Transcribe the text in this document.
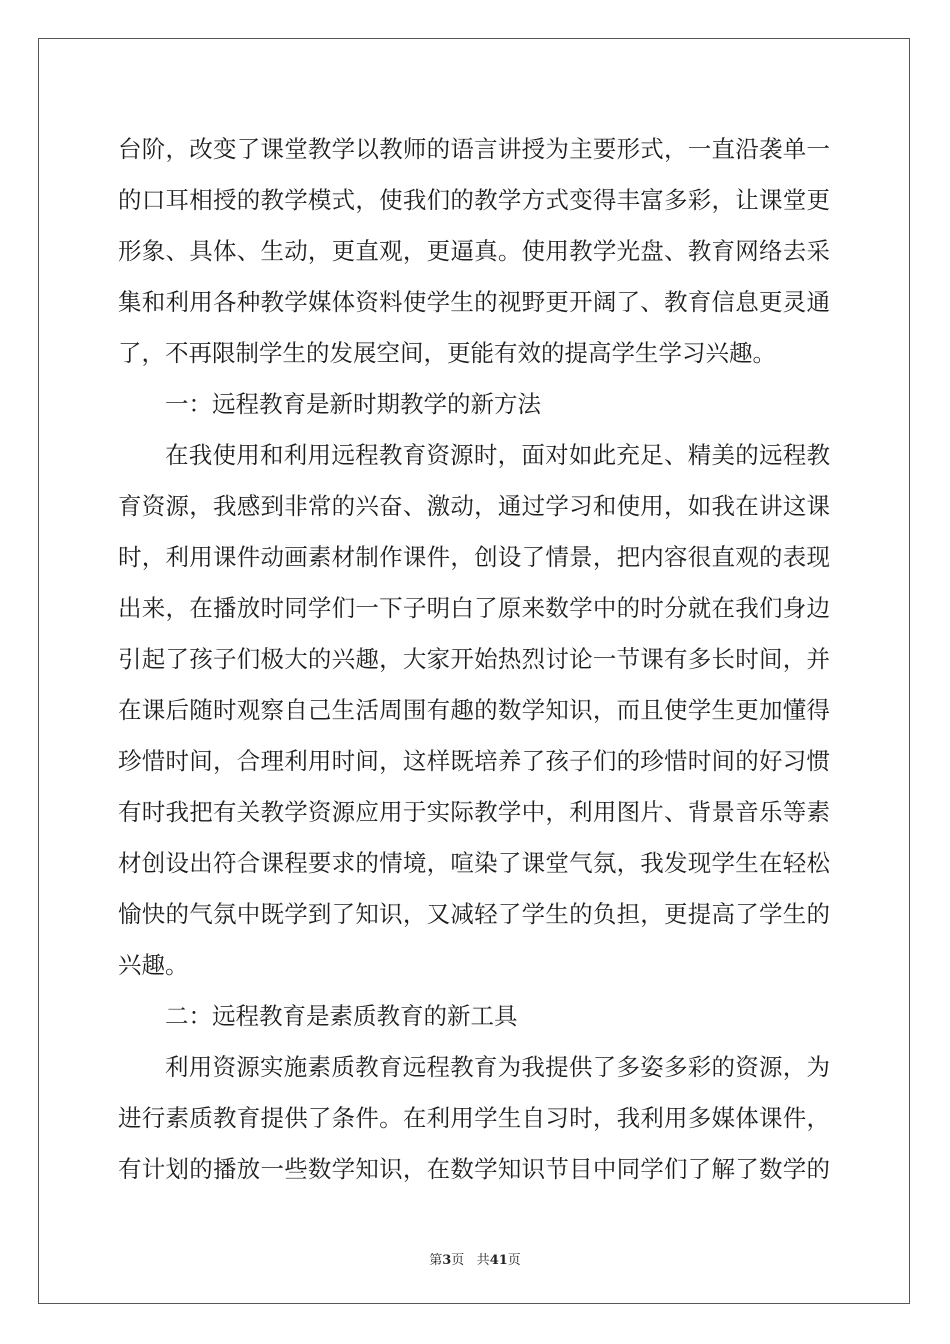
台阶，改变了课堂教学以教师的语言讲授为主要形式，一直沿袭单一
的口耳相授的教学模式，使我们的教学方式变得丰富多彩，让课堂更
形象、具体、生动，更直观，更逼真。使用教学光盘、教育网络去采
集和利用各种教学媒体资料使学生的视野更开阔了、教育信息更灵通
了，不再限制学生的发展空间，更能有效的提高学生学习兴趣。
一：远程教育是新时期教学的新方法
在我使用和利用远程教育资源时，面对如此充足、精美的远程教
育资源，我感到非常的兴奋、激动，通过学习和使用，如我在讲这课
时，利用课件动画素材制作课件，创设了情景，把内容很直观的表现
出来，在播放时同学们一下子明白了原来数学中的时分就在我们身边
引起了孩子们极大的兴趣，大家开始热烈讨论一节课有多长时间，并
在课后随时观察自己生活周围有趣的数学知识，而且使学生更加懂得
珍惜时间，合理利用时间，这样既培养了孩子们的珍惜时间的好习惯
有时我把有关教学资源应用于实际教学中，利用图片、背景音乐等素
材创设出符合课程要求的情境，喧染了课堂气氛，我发现学生在轻松
愉快的气氛中既学到了知识，又减轻了学生的负担，更提高了学生的
兴趣。
二：远程教育是素质教育的新工具
利用资源实施素质教育远程教育为我提供了多姿多彩的资源，为
进行素质教育提供了条件。在利用学生自习时，我利用多媒体课件，
有计划的播放一些数学知识，在数学知识节目中同学们了解了数学的
第3页 共41页
